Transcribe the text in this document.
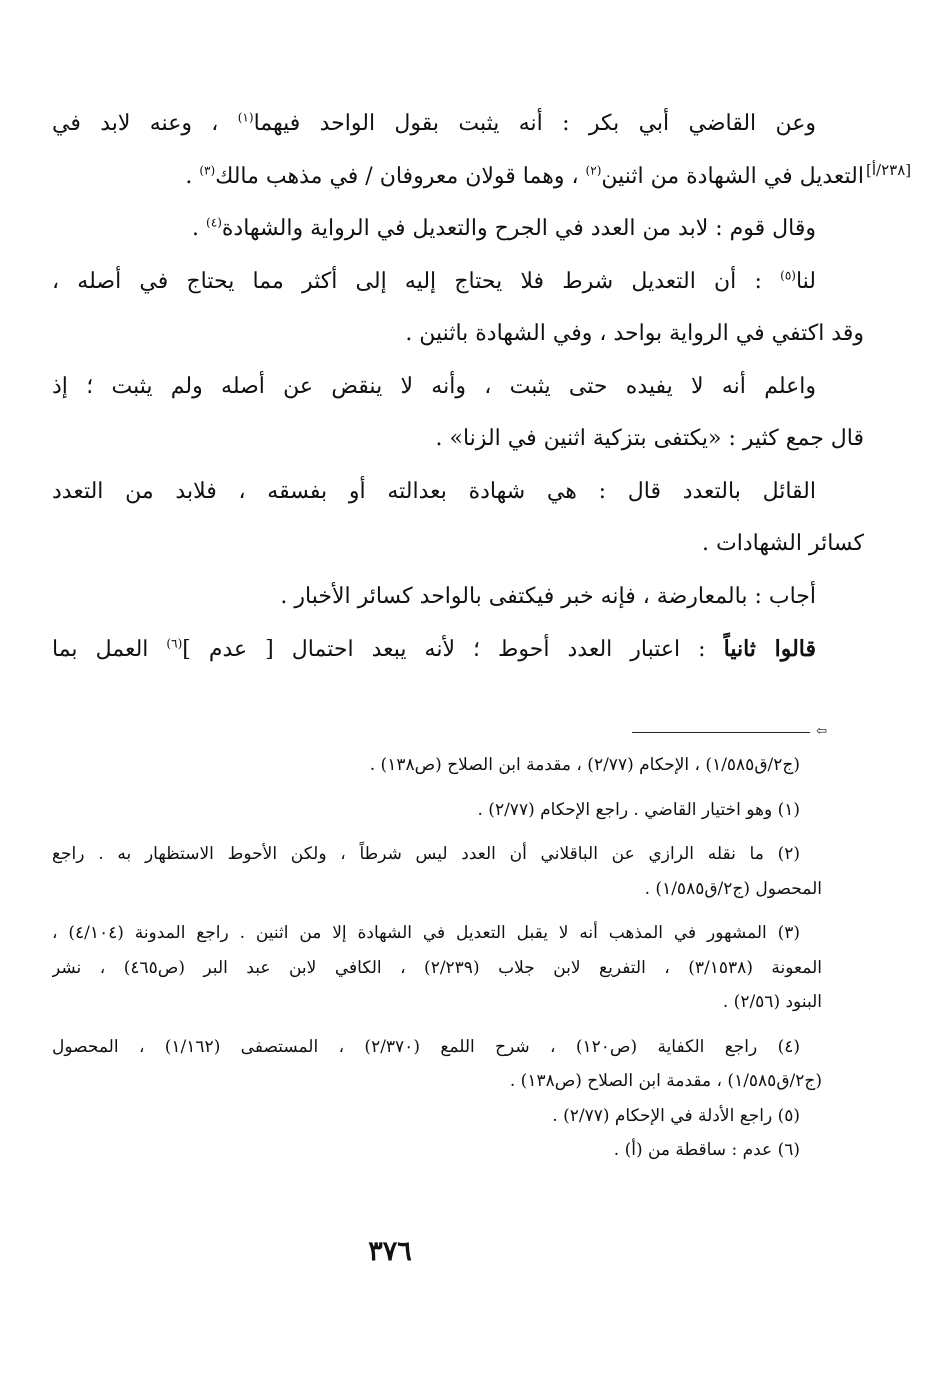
[٢٣٨/أ]
وعن القاضي أبي بكر : أنه يثبت بقول الواحد فيهما$^{(١)}$ ، وعنه لابد في
التعديل في الشهادة من اثنين$^{(٢)}$ ، وهما قولان معروفان / في مذهب مالك$^{(٣)}$ .
وقال قوم : لابد من العدد في الجرح والتعديل في الرواية والشهادة$^{(٤)}$ .
لنا$^{(٥)}$ : أن التعديل شرط فلا يحتاج إليه إلى أكثر مما يحتاج في أصله ،
وقد اكتفي في الرواية بواحد ، وفي الشهادة باثنين .
واعلم أنه لا يفيده حتى يثبت ، وأنه لا ينقض عن أصله ولم يثبت ؛ إذ
قال جمع كثير : «يكتفى بتزكية اثنين في الزنا» .
القائل بالتعدد قال : هي شهادة بعدالته أو بفسقه ، فلابد من التعدد
كسائر الشهادات .
أجاب : بالمعارضة ، فإنه خبر فيكتفى بالواحد كسائر الأخبار .
قالوا ثانياً : اعتبار العدد أحوط ؛ لأنه يبعد احتمال [ عدم ]$^{(٦)}$ العمل بما
⇦
(ج٢/ق١/٥٨٥) ، الإحكام (٢/٧٧) ، مقدمة ابن الصلاح (ص١٣٨) .
(١) وهو اختيار القاضي . راجع الإحكام (٢/٧٧) .
(٢) ما نقله الرازي عن الباقلاني أن العدد ليس شرطاً ، ولكن الأحوط الاستظهار به . راجع
المحصول (ج٢/ق١/٥٨٥) .
(٣) المشهور في المذهب أنه لا يقبل التعديل في الشهادة إلا من اثنين . راجع المدونة (٤/١٠٤) ،
المعونة (٣/١٥٣٨) ، التفريع لابن جلاب (٢/٢٣٩) ، الكافي لابن عبد البر (ص٤٦٥) ، نشر
البنود (٢/٥٦) .
(٤) راجع الكفاية (ص١٢٠) ، شرح اللمع (٢/٣٧٠) ، المستصفى (١/١٦٢) ، المحصول
(ج٢/ق١/٥٨٥) ، مقدمة ابن الصلاح (ص١٣٨) .
(٥) راجع الأدلة في الإحكام (٢/٧٧) .
(٦) عدم : ساقطة من (أ) .
٣٧٦
